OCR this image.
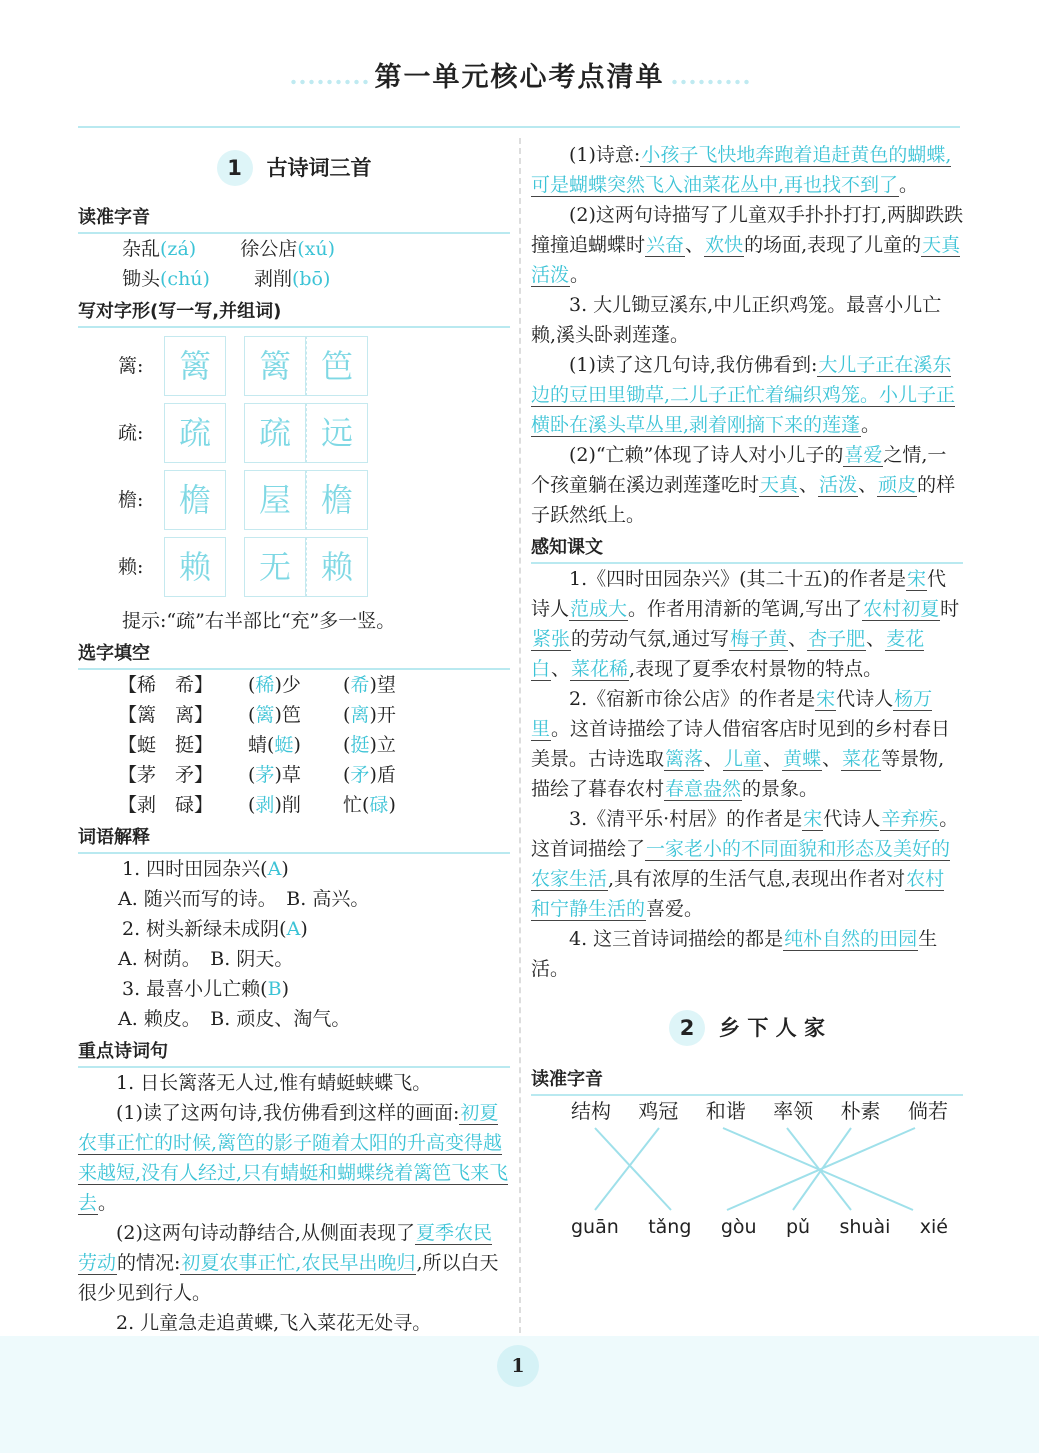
第一单元核心考点清单
1	古诗词三首
读准字音
杂乱(zá) 徐公店(xú)
锄头(chú) 剥削(bō)
写对字形(写一写,并组词)
篱:	篱	篱 笆
疏:	疏	疏 远
檐:	檐	屋 檐
赖:	赖	无 赖
提示:“疏”右半部比“充”多一竖。
选字填空
【稀　希】	(稀)少	(希)望
【篱　离】	(篱)笆	(离)开
【蜓　挺】	蜻(蜓)	(挺)立
【茅　矛】	(茅)草	(矛)盾
【剥　碌】	(剥)削	忙(碌)
词语解释
1. 四时田园杂兴(A)
A. 随兴而写的诗。　B. 高兴。
2. 树头新绿未成阴(A)
A. 树荫。　B. 阴天。
3. 最喜小儿亡赖(B)
A. 赖皮。　B. 顽皮、淘气。
重点诗词句

1. 日长篱落无人过,惟有蜻蜓蛱蝶飞。

(1)读了这两句诗,我仿佛看到这样的画面:初夏农事正忙的时候,篱笆的影子随着太阳的升高变得越来越短,没有人经过,只有蜻蜓和蝴蝶绕着篱笆飞来飞去。

(2)这两句诗动静结合,从侧面表现了夏季农民劳动的情况:初夏农事正忙,农民早出晚归,所以白天很少见到行人。

2. 儿童急走追黄蝶,飞入菜花无处寻。

(1)诗意:小孩子飞快地奔跑着追赶黄色的蝴蝶,可是蝴蝶突然飞入油菜花丛中,再也找不到了。

(2)这两句诗描写了儿童双手扑扑打打,两脚跌跌撞撞追蝴蝶时兴奋、欢快的场面,表现了儿童的天真活泼。

3. 大儿锄豆溪东,中儿正织鸡笼。最喜小儿亡赖,溪头卧剥莲蓬。

(1)读了这几句诗,我仿佛看到:大儿子正在溪东边的豆田里锄草,二儿子正忙着编织鸡笼。小儿子正横卧在溪头草丛里,剥着刚摘下来的莲蓬。

(2)“亡赖”体现了诗人对小儿子的喜爱之情,一个孩童躺在溪边剥莲蓬吃时天真、活泼、顽皮的样子跃然纸上。

感知课文

1.《四时田园杂兴》(其二十五)的作者是宋代诗人范成大。作者用清新的笔调,写出了农村初夏时紧张的劳动气氛,通过写梅子黄、杏子肥、麦花白、菜花稀,表现了夏季农村景物的特点。

2.《宿新市徐公店》的作者是宋代诗人杨万里。这首诗描绘了诗人借宿客店时见到的乡村春日美景。古诗选取篱落、儿童、黄蝶、菜花等景物,描绘了暮春农村春意盎然的景象。

3.《清平乐·村居》的作者是宋代诗人辛弃疾。这首词描绘了一家老小的不同面貌和形态及美好的农家生活,具有浓厚的生活气息,表现出作者对农村和宁静生活的喜爱。

4. 这三首诗词描绘的都是纯朴自然的田园生活。

2	乡 下 人 家
读准字音
结构 鸡冠 和谐 率领 朴素 倘若
guān tǎng gòu pǔ shuài xié
1
